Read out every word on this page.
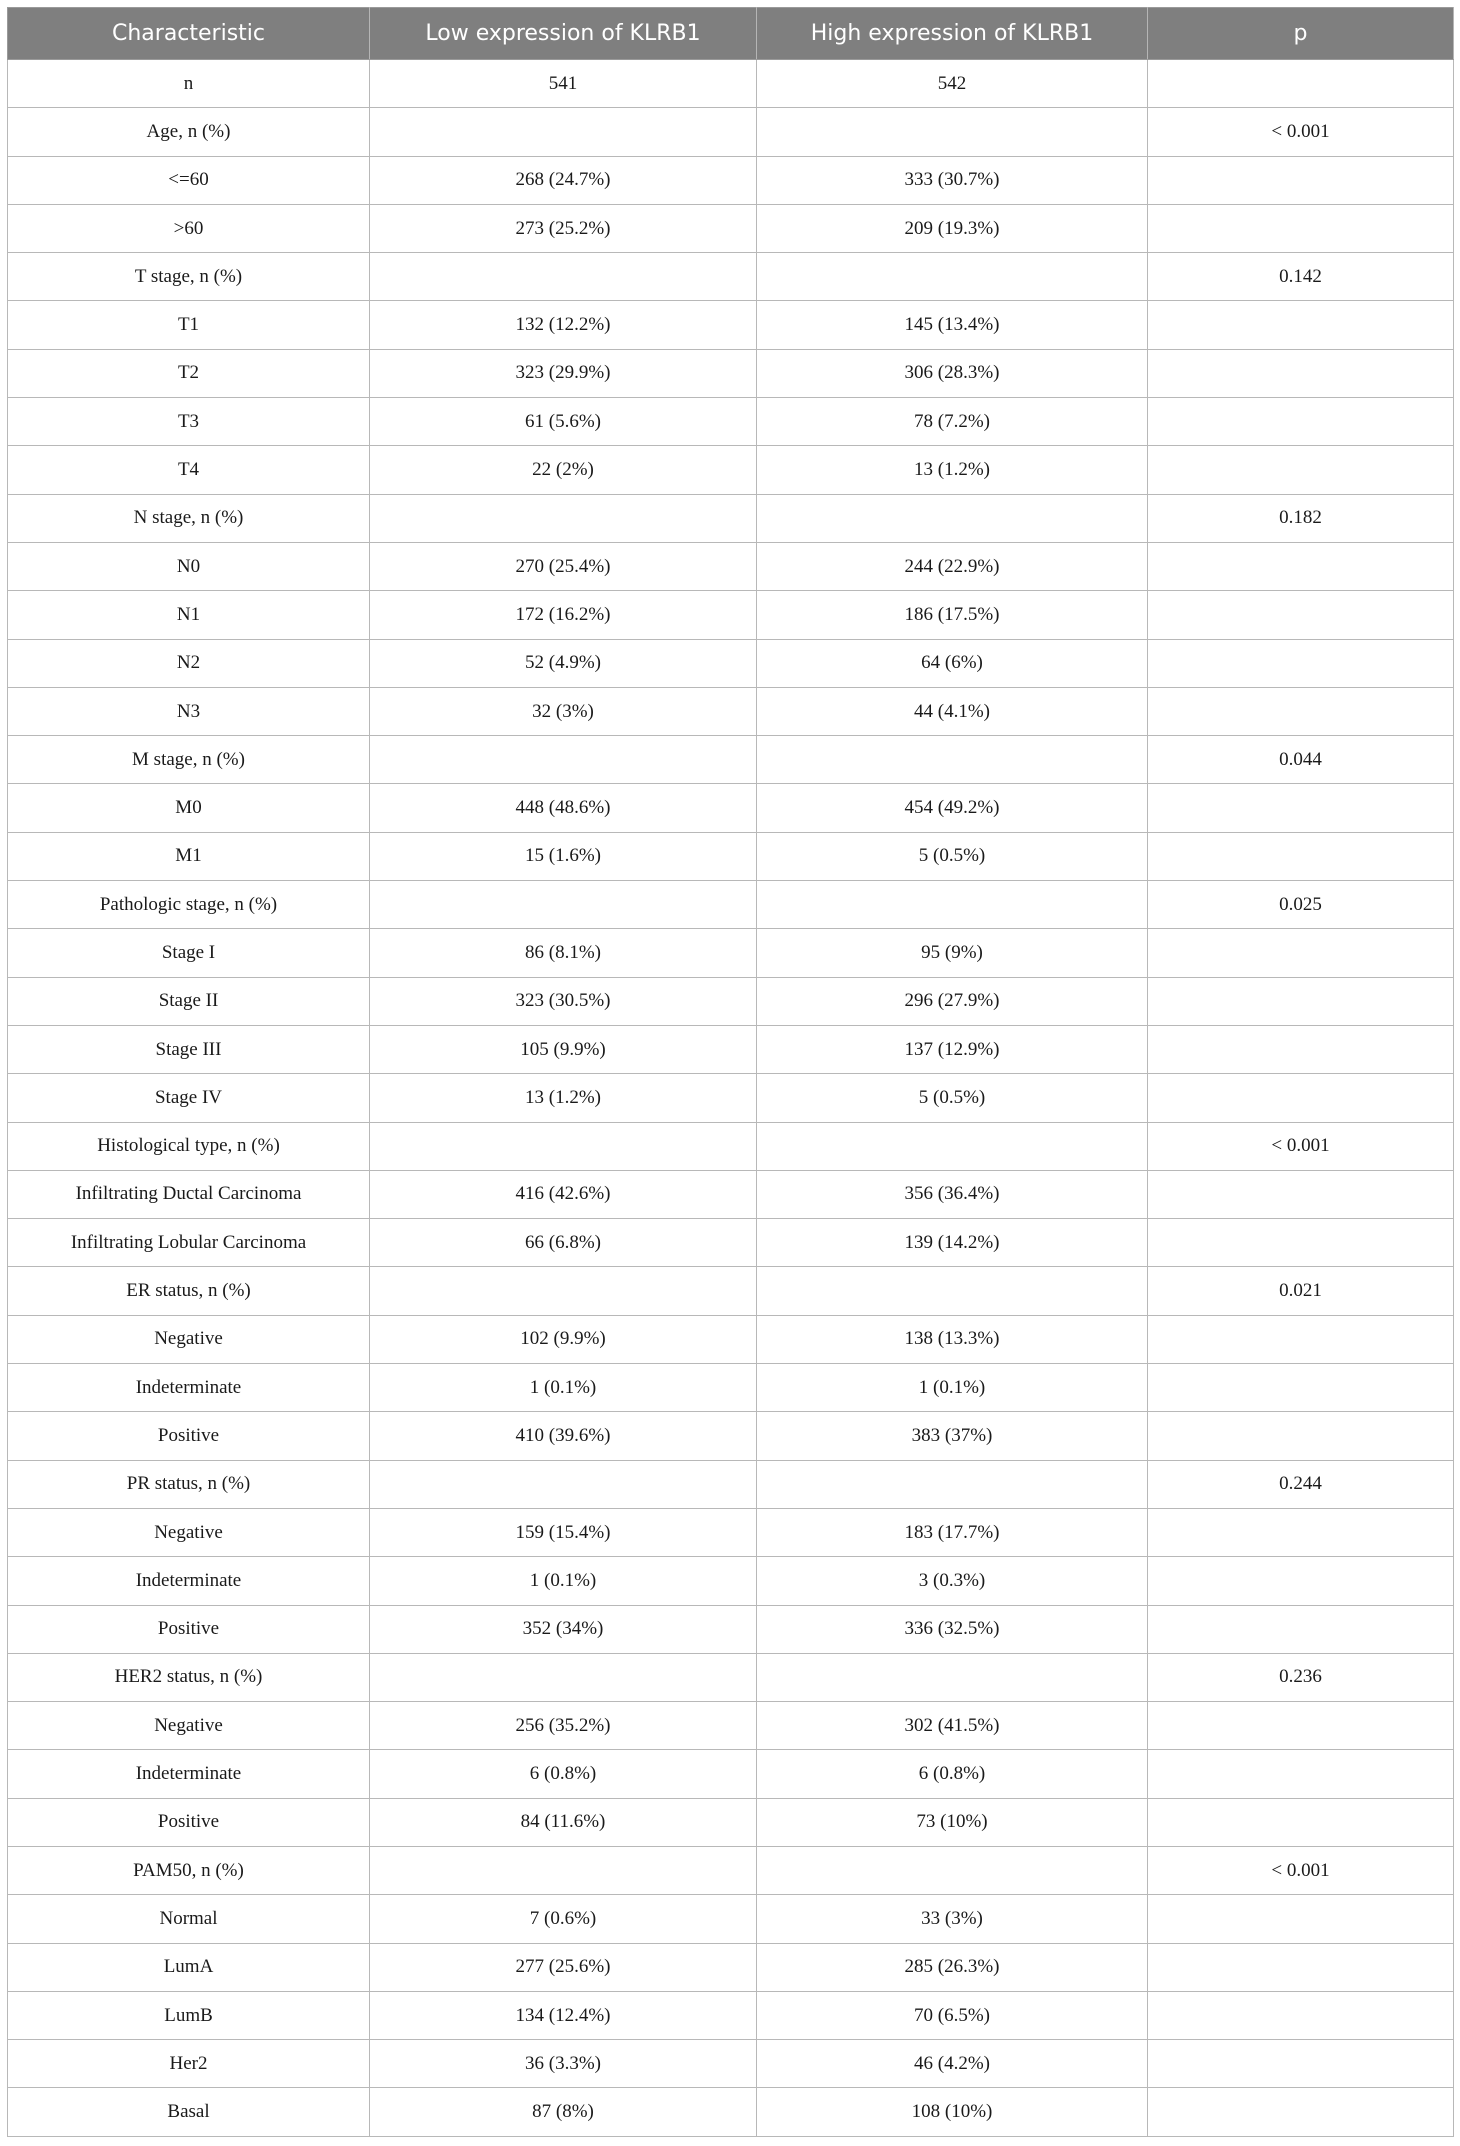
Characteristic	Low expression of KLRB1	High expression of KLRB1	p
n	541	542	
Age, n (%)			< 0.001
<=60	268 (24.7%)	333 (30.7%)	
>60	273 (25.2%)	209 (19.3%)	
T stage, n (%)			0.142
T1	132 (12.2%)	145 (13.4%)	
T2	323 (29.9%)	306 (28.3%)	
T3	61 (5.6%)	78 (7.2%)	
T4	22 (2%)	13 (1.2%)	
N stage, n (%)			0.182
N0	270 (25.4%)	244 (22.9%)	
N1	172 (16.2%)	186 (17.5%)	
N2	52 (4.9%)	64 (6%)	
N3	32 (3%)	44 (4.1%)	
M stage, n (%)			0.044
M0	448 (48.6%)	454 (49.2%)	
M1	15 (1.6%)	5 (0.5%)	
Pathologic stage, n (%)			0.025
Stage I	86 (8.1%)	95 (9%)	
Stage II	323 (30.5%)	296 (27.9%)	
Stage III	105 (9.9%)	137 (12.9%)	
Stage IV	13 (1.2%)	5 (0.5%)	
Histological type, n (%)			< 0.001
Infiltrating Ductal Carcinoma	416 (42.6%)	356 (36.4%)	
Infiltrating Lobular Carcinoma	66 (6.8%)	139 (14.2%)	
ER status, n (%)			0.021
Negative	102 (9.9%)	138 (13.3%)	
Indeterminate	1 (0.1%)	1 (0.1%)	
Positive	410 (39.6%)	383 (37%)	
PR status, n (%)			0.244
Negative	159 (15.4%)	183 (17.7%)	
Indeterminate	1 (0.1%)	3 (0.3%)	
Positive	352 (34%)	336 (32.5%)	
HER2 status, n (%)			0.236
Negative	256 (35.2%)	302 (41.5%)	
Indeterminate	6 (0.8%)	6 (0.8%)	
Positive	84 (11.6%)	73 (10%)	
PAM50, n (%)			< 0.001
Normal	7 (0.6%)	33 (3%)	
LumA	277 (25.6%)	285 (26.3%)	
LumB	134 (12.4%)	70 (6.5%)	
Her2	36 (3.3%)	46 (4.2%)	
Basal	87 (8%)	108 (10%)	
